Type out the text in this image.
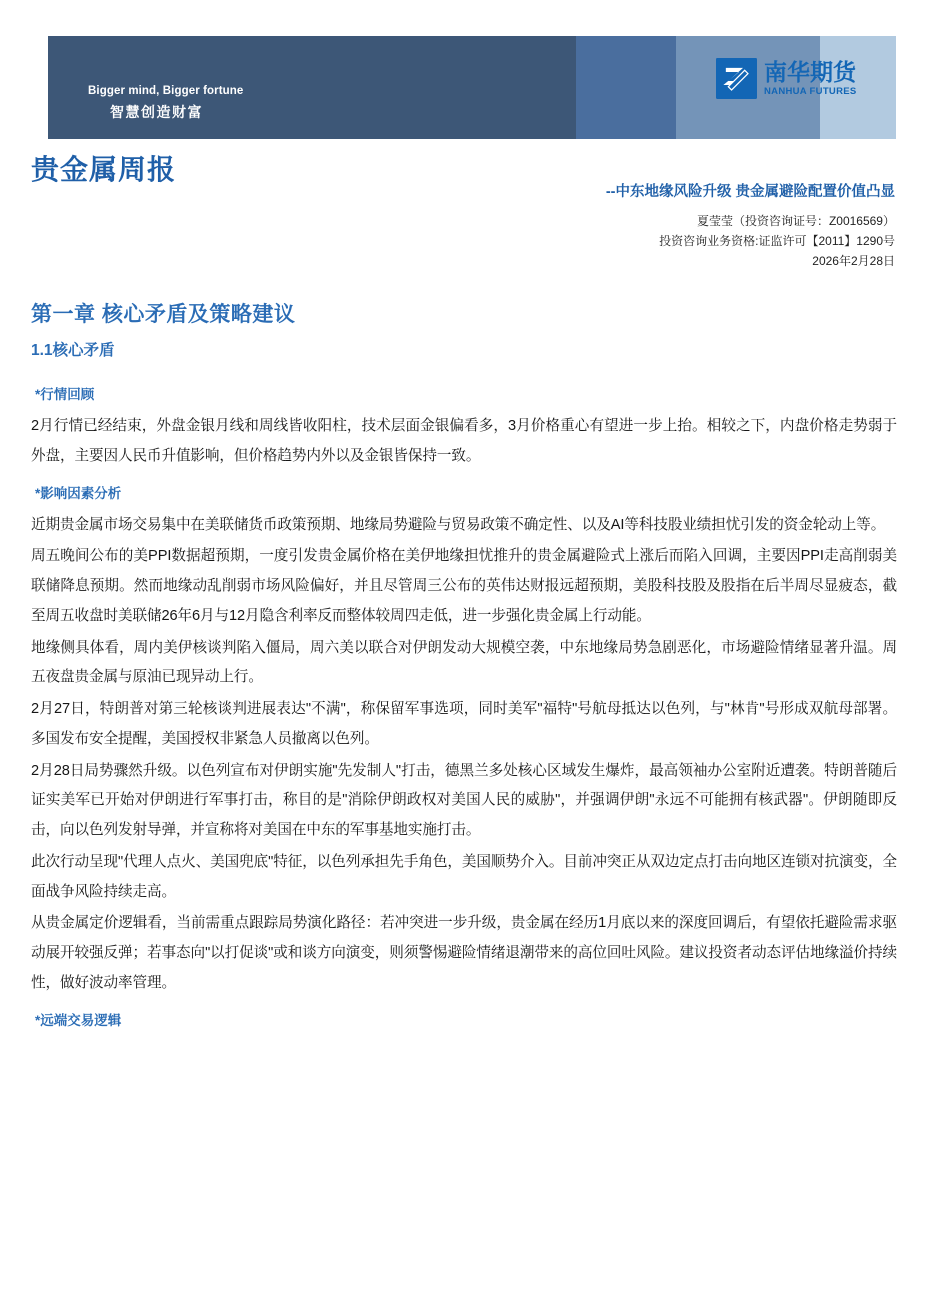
Bigger mind, Bigger fortune
智慧创造财富
南华期货
NANHUA FUTURES
贵金属周报
--中东地缘风险升级 贵金属避险配置价值凸显
夏莹莹（投资咨询证号：Z0016569）
投资咨询业务资格:证监许可【2011】1290号
2026年2月28日
第一章 核心矛盾及策略建议
1.1核心矛盾
*行情回顾

2月行情已经结束，外盘金银月线和周线皆收阳柱，技术层面金银偏看多，3月价格重心有望进一步上抬。相较之下，内盘价格走势弱于外盘，主要因人民币升值影响，但价格趋势内外以及金银皆保持一致。

*影响因素分析

近期贵金属市场交易集中在美联储货币政策预期、地缘局势避险与贸易政策不确定性、以及AI等科技股业绩担忧引发的资金轮动上等。

周五晚间公布的美PPI数据超预期，一度引发贵金属价格在美伊地缘担忧推升的贵金属避险式上涨后而陷入回调，主要因PPI走高削弱美联储降息预期。然而地缘动乱削弱市场风险偏好，并且尽管周三公布的英伟达财报远超预期，美股科技股及股指在后半周尽显疲态，截至周五收盘时美联储26年6月与12月隐含利率反而整体较周四走低，进一步强化贵金属上行动能。

地缘侧具体看，周内美伊核谈判陷入僵局，周六美以联合对伊朗发动大规模空袭，中东地缘局势急剧恶化，市场避险情绪显著升温。周五夜盘贵金属与原油已现异动上行。

2月27日，特朗普对第三轮核谈判进展表达"不满"，称保留军事选项，同时美军"福特"号航母抵达以色列，与"林肯"号形成双航母部署。多国发布安全提醒，美国授权非紧急人员撤离以色列。

2月28日局势骤然升级。以色列宣布对伊朗实施"先发制人"打击，德黑兰多处核心区域发生爆炸，最高领袖办公室附近遭袭。特朗普随后证实美军已开始对伊朗进行军事打击，称目的是"消除伊朗政权对美国人民的威胁"，并强调伊朗"永远不可能拥有核武器"。伊朗随即反击，向以色列发射导弹，并宣称将对美国在中东的军事基地实施打击。

此次行动呈现"代理人点火、美国兜底"特征，以色列承担先手角色，美国顺势介入。目前冲突正从双边定点打击向地区连锁对抗演变，全面战争风险持续走高。

从贵金属定价逻辑看，当前需重点跟踪局势演化路径：若冲突进一步升级，贵金属在经历1月底以来的深度回调后，有望依托避险需求驱动展开较强反弹；若事态向"以打促谈"或和谈方向演变，则须警惕避险情绪退潮带来的高位回吐风险。建议投资者动态评估地缘溢价持续性，做好波动率管理。

*远端交易逻辑
